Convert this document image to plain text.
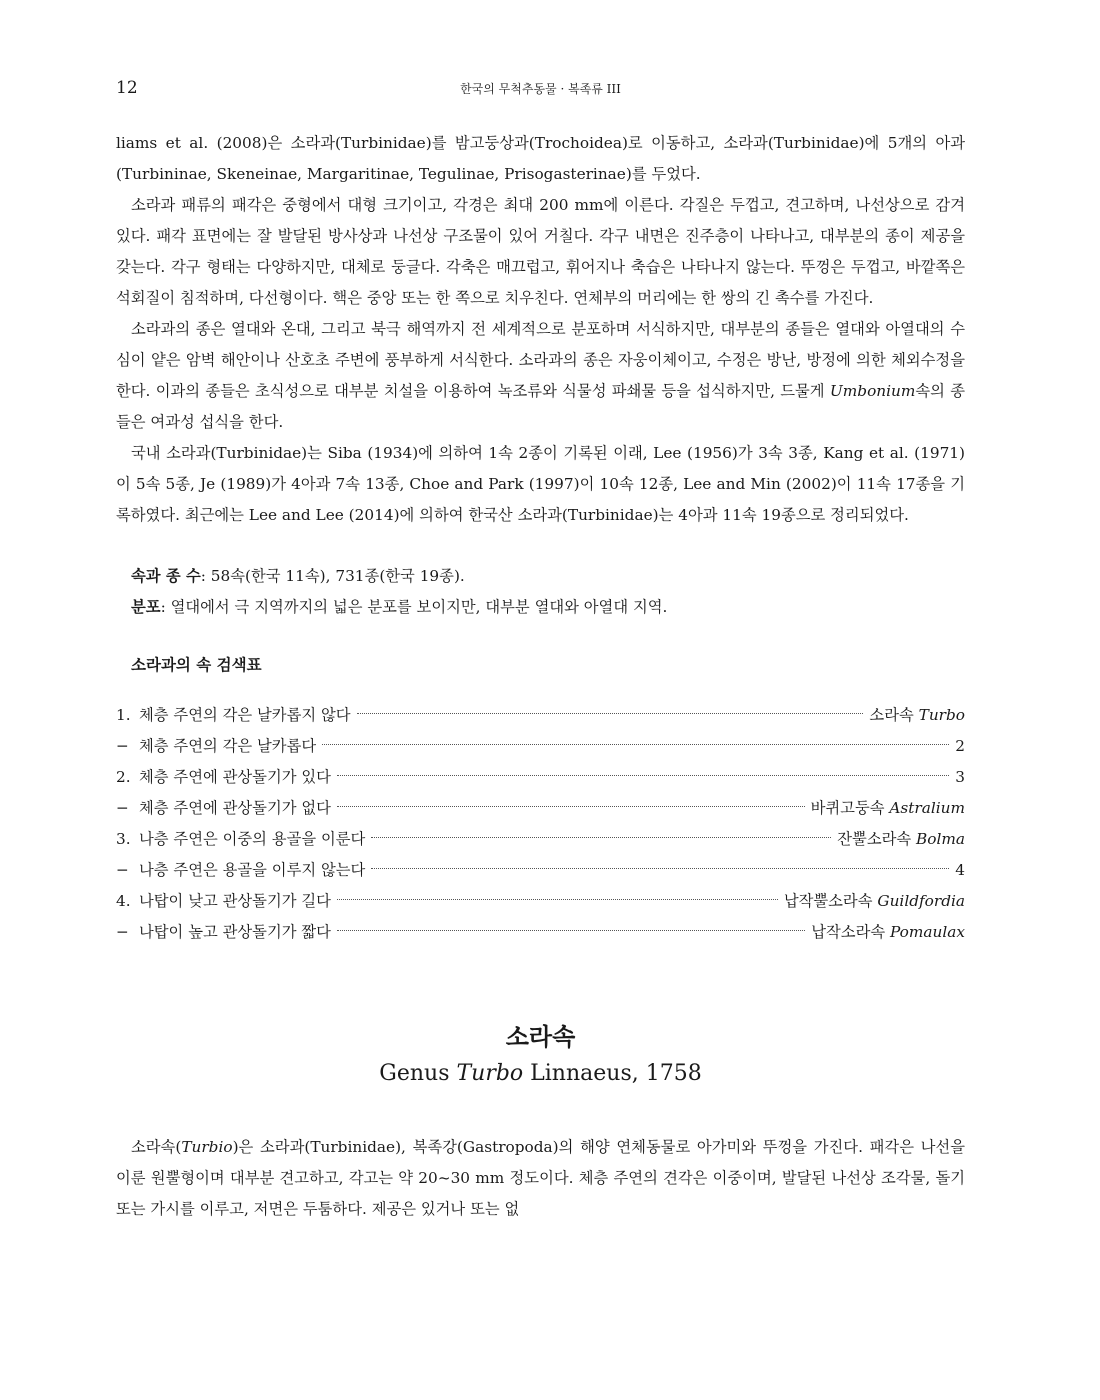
12	한국의 무척추동물 · 복족류 III

liams et al. (2008)은 소라과(Turbinidae)를 밤고둥상과(Trochoidea)로 이동하고, 소라과(Turbinidae)에 5개의 아과(Turbininae, Skeneinae, Margaritinae, Tegulinae, Prisogasterinae)를 두었다.

소라과 패류의 패각은 중형에서 대형 크기이고, 각경은 최대 200 mm에 이른다. 각질은 두껍고, 견고하며, 나선상으로 감겨 있다. 패각 표면에는 잘 발달된 방사상과 나선상 구조물이 있어 거칠다. 각구 내면은 진주층이 나타나고, 대부분의 종이 제공을 갖는다. 각구 형태는 다양하지만, 대체로 둥글다. 각축은 매끄럽고, 휘어지나 축습은 나타나지 않는다. 뚜껑은 두껍고, 바깥쪽은 석회질이 침적하며, 다선형이다. 핵은 중앙 또는 한 쪽으로 치우친다. 연체부의 머리에는 한 쌍의 긴 촉수를 가진다.

소라과의 종은 열대와 온대, 그리고 북극 해역까지 전 세계적으로 분포하며 서식하지만, 대부분의 종들은 열대와 아열대의 수심이 얕은 암벽 해안이나 산호초 주변에 풍부하게 서식한다. 소라과의 종은 자웅이체이고, 수정은 방난, 방정에 의한 체외수정을 한다. 이과의 종들은 초식성으로 대부분 치설을 이용하여 녹조류와 식물성 파쇄물 등을 섭식하지만, 드물게 Umbonium속의 종들은 여과성 섭식을 한다.

국내 소라과(Turbinidae)는 Siba (1934)에 의하여 1속 2종이 기록된 이래, Lee (1956)가 3속 3종, Kang et al. (1971)이 5속 5종, Je (1989)가 4아과 7속 13종, Choe and Park (1997)이 10속 12종, Lee and Min (2002)이 11속 17종을 기록하였다. 최근에는 Lee and Lee (2014)에 의하여 한국산 소라과(Turbinidae)는 4아과 11속 19종으로 정리되었다.

속과 종 수: 58속(한국 11속), 731종(한국 19종).

분포: 열대에서 극 지역까지의 넓은 분포를 보이지만, 대부분 열대와 아열대 지역.

소라과의 속 검색표

1. 체층 주연의 각은 날카롭지 않다	소라속 Turbo
− 체층 주연의 각은 날카롭다	2
2. 체층 주연에 관상돌기가 있다	3
− 체층 주연에 관상돌기가 없다	바퀴고둥속 Astralium
3. 나층 주연은 이중의 용골을 이룬다	잔뿔소라속 Bolma
− 나층 주연은 용골을 이루지 않는다	4
4. 나탑이 낮고 관상돌기가 길다	납작뿔소라속 Guildfordia
− 나탑이 높고 관상돌기가 짧다	납작소라속 Pomaulax

소라속

Genus Turbo Linnaeus, 1758

소라속(Turbio)은 소라과(Turbinidae), 복족강(Gastropoda)의 해양 연체동물로 아가미와 뚜껑을 가진다. 패각은 나선을 이룬 원뿔형이며 대부분 견고하고, 각고는 약 20~30 mm 정도이다. 체층 주연의 견각은 이중이며, 발달된 나선상 조각물, 돌기 또는 가시를 이루고, 저면은 두툼하다. 제공은 있거나 또는 없
